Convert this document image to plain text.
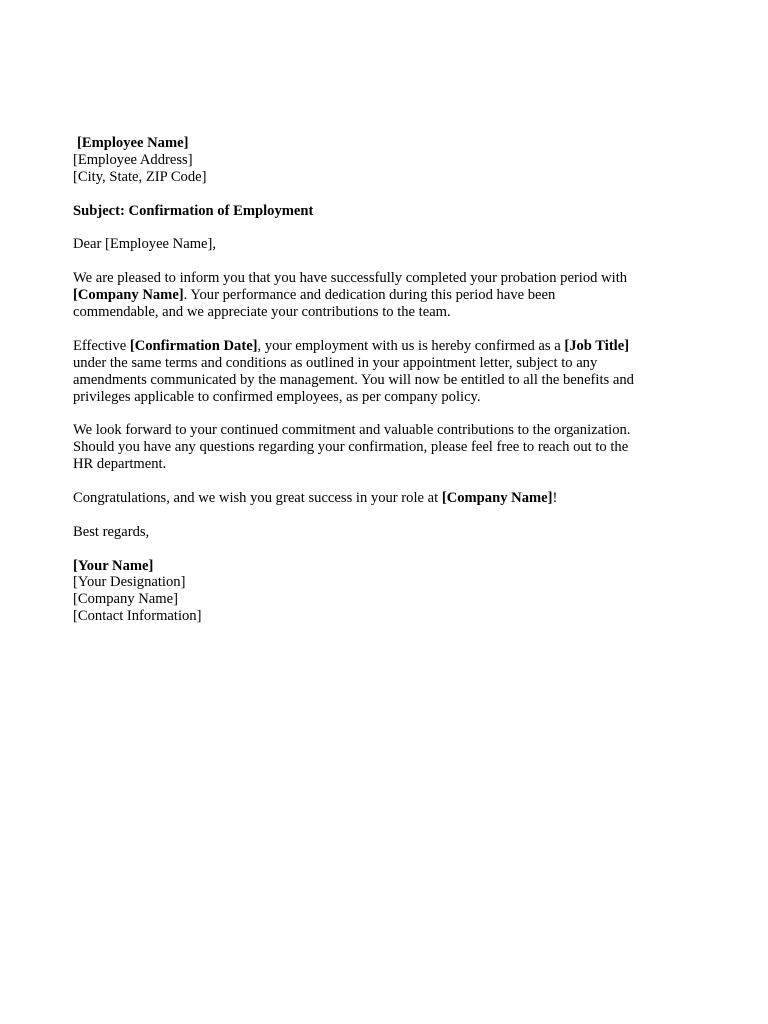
[Employee Name]
[Employee Address]
[City, State, ZIP Code]
Subject: Confirmation of Employment
Dear [Employee Name],
We are pleased to inform you that you have successfully completed your probation period with
[Company Name]. Your performance and dedication during this period have been
commendable, and we appreciate your contributions to the team.
Effective [Confirmation Date], your employment with us is hereby confirmed as a [Job Title]
under the same terms and conditions as outlined in your appointment letter, subject to any
amendments communicated by the management. You will now be entitled to all the benefits and
privileges applicable to confirmed employees, as per company policy.
We look forward to your continued commitment and valuable contributions to the organization.
Should you have any questions regarding your confirmation, please feel free to reach out to the
HR department.
Congratulations, and we wish you great success in your role at [Company Name]!
Best regards,
[Your Name]
[Your Designation]
[Company Name]
[Contact Information]
